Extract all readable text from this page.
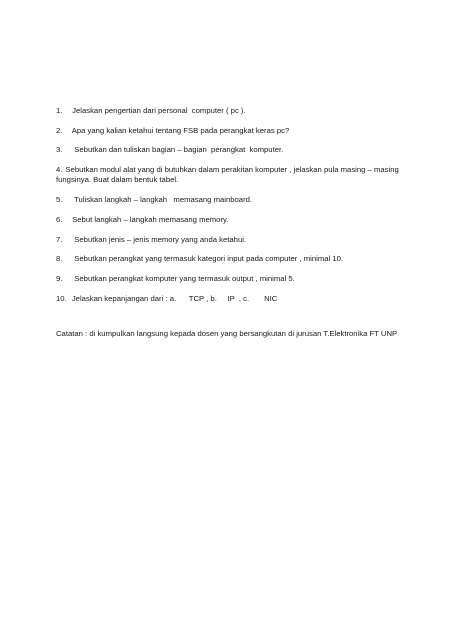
1. Jelaskan pengertian dari personal  computer ( pc ).
2. Apa yang kalian ketahui tentang FSB pada perangkat keras pc?
3.  Sebutkan dan tuliskan bagian – bagian  perangkat  komputer.
4. Sebutkan modul alat yang di butuhkan dalam perakitan komputer , jelaskan pula masing – masing fungsinya. Buat dalam bentuk tabel.
5.  Tuliskan langkah – langkah   memasang mainboard.
6. Sebut langkah – langkah memasang memory.
7.  Sebutkan jenis – jenis memory yang anda ketahui.
8.  Sebutkan perangkat yang termasuk kategori input pada computer , minimal 10.
9.  Sebutkan perangkat komputer yang termasuk output , minimal 5.
10. Jelaskan kepanjangan dari : a.      TCP , b.     IP  , c.       NIC
Catatan : di kumpulkan langsung kepada dosen yang bersangkutan di jurusan T.Elektronika FT UNP
